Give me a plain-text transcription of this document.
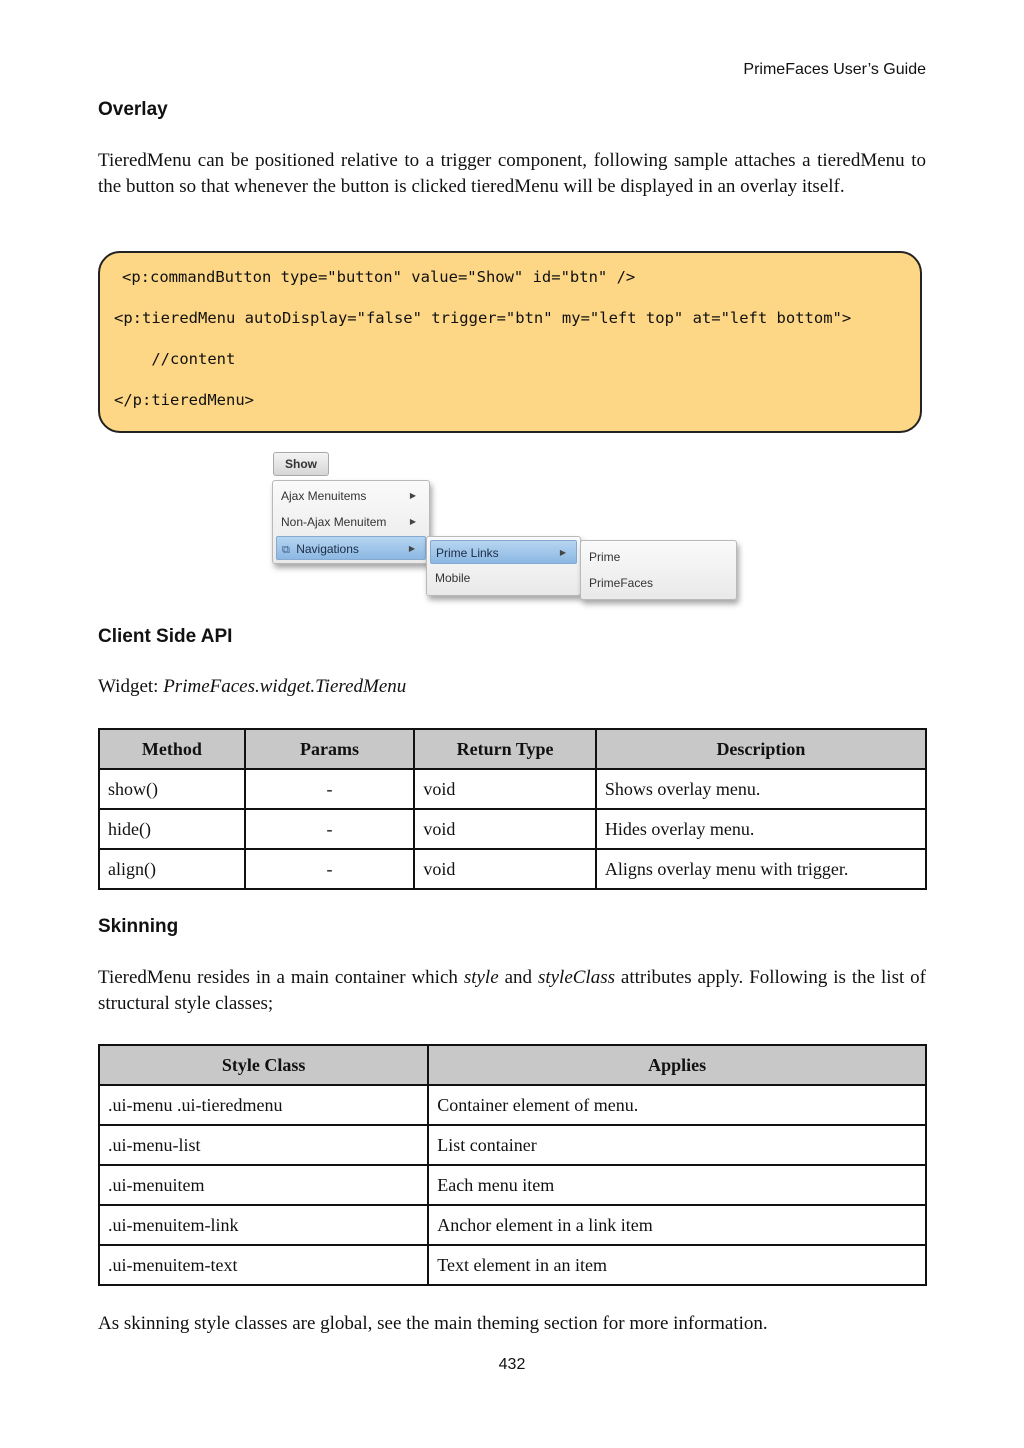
PrimeFaces User’s Guide
Overlay
TieredMenu can be positioned relative to a trigger component, following sample attaches a tieredMenu to the button so that whenever the button is clicked tieredMenu will be displayed in an overlay itself.
<p:commandButton type="button" value="Show" id="btn" />
<p:tieredMenu autoDisplay="false" trigger="btn" my="left top" at="left bottom">
//content
</p:tieredMenu>
Show
Ajax Menuitems	▶
Non-Ajax Menuitem	▶
⧉ Navigations	▶	Prime Links	▶
Mobile
Prime
PrimeFaces
Client Side API
Widget: PrimeFaces.widget.TieredMenu
Method	Params	Return Type	Description
show()	-	void	Shows overlay menu.
hide()	-	void	Hides overlay menu.
align()	-	void	Aligns overlay menu with trigger.
Skinning
TieredMenu resides in a main container which style and styleClass attributes apply. Following is the list of structural style classes;
Style Class	Applies
.ui-menu .ui-tieredmenu	Container element of menu.
.ui-menu-list	List container
.ui-menuitem	Each menu item
.ui-menuitem-link	Anchor element in a link item
.ui-menuitem-text	Text element in an item
As skinning style classes are global, see the main theming section for more information.
432
